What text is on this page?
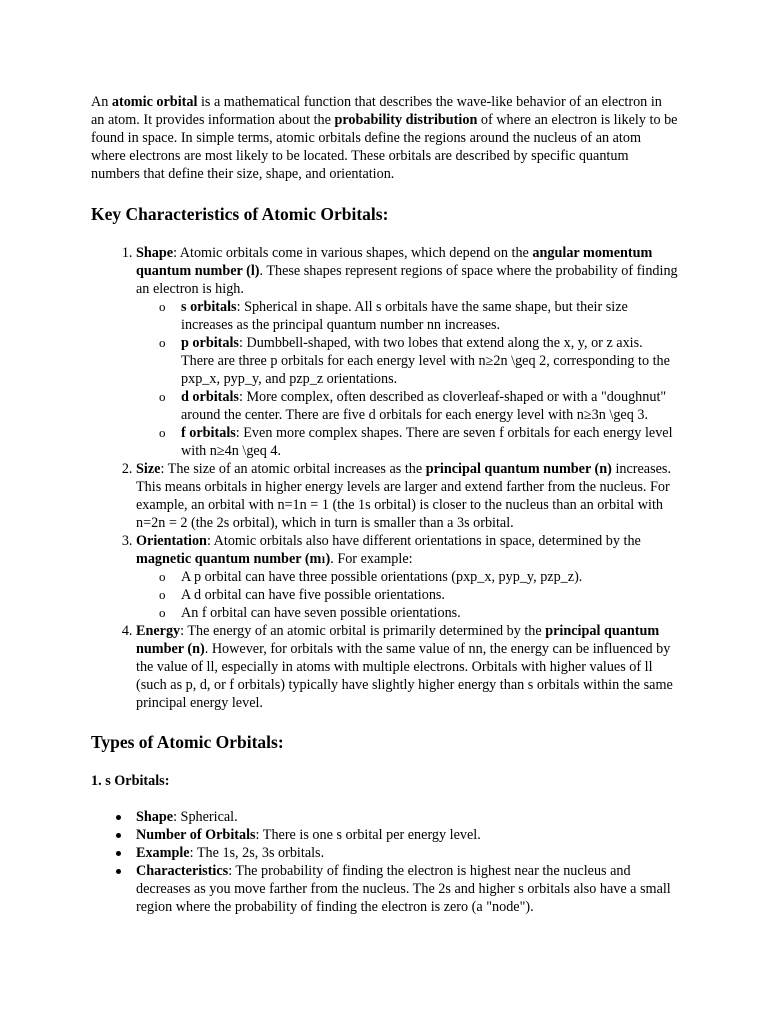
An atomic orbital is a mathematical function that describes the wave-like behavior of an electron in an atom. It provides information about the probability distribution of where an electron is likely to be found in space. In simple terms, atomic orbitals define the regions around the nucleus of an atom where electrons are most likely to be located. These orbitals are described by specific quantum numbers that define their size, shape, and orientation.

Key Characteristics of Atomic Orbitals:
1. Shape: Atomic orbitals come in various shapes, which depend on the angular momentum quantum number (l). These shapes represent regions of space where the probability of finding an electron is high.
o s orbitals: Spherical in shape. All s orbitals have the same shape, but their size increases as the principal quantum number nn increases.
o p orbitals: Dumbbell-shaped, with two lobes that extend along the x, y, or z axis. There are three p orbitals for each energy level with n≥2n \geq 2, corresponding to the pxp_x, pyp_y, and pzp_z orientations.
o d orbitals: More complex, often described as cloverleaf-shaped or with a "doughnut" around the center. There are five d orbitals for each energy level with n≥3n \geq 3.
o f orbitals: Even more complex shapes. There are seven f orbitals for each energy level with n≥4n \geq 4.
2. Size: The size of an atomic orbital increases as the principal quantum number (n) increases. This means orbitals in higher energy levels are larger and extend farther from the nucleus. For example, an orbital with n=1n = 1 (the 1s orbital) is closer to the nucleus than an orbital with n=2n = 2 (the 2s orbital), which in turn is smaller than a 3s orbital.
3. Orientation: Atomic orbitals also have different orientations in space, determined by the magnetic quantum number (mₗ). For example:
o A p orbital can have three possible orientations (pxp_x, pyp_y, pzp_z).
o A d orbital can have five possible orientations.
o An f orbital can have seven possible orientations.
4. Energy: The energy of an atomic orbital is primarily determined by the principal quantum number (n). However, for orbitals with the same value of nn, the energy can be influenced by the value of ll, especially in atoms with multiple electrons. Orbitals with higher values of ll (such as p, d, or f orbitals) typically have slightly higher energy than s orbitals within the same principal energy level.
Types of Atomic Orbitals:
1. s Orbitals:
Shape: Spherical.
Number of Orbitals: There is one s orbital per energy level.
Example: The 1s, 2s, 3s orbitals.
Characteristics: The probability of finding the electron is highest near the nucleus and decreases as you move farther from the nucleus. The 2s and higher s orbitals also have a small region where the probability of finding the electron is zero (a "node").
